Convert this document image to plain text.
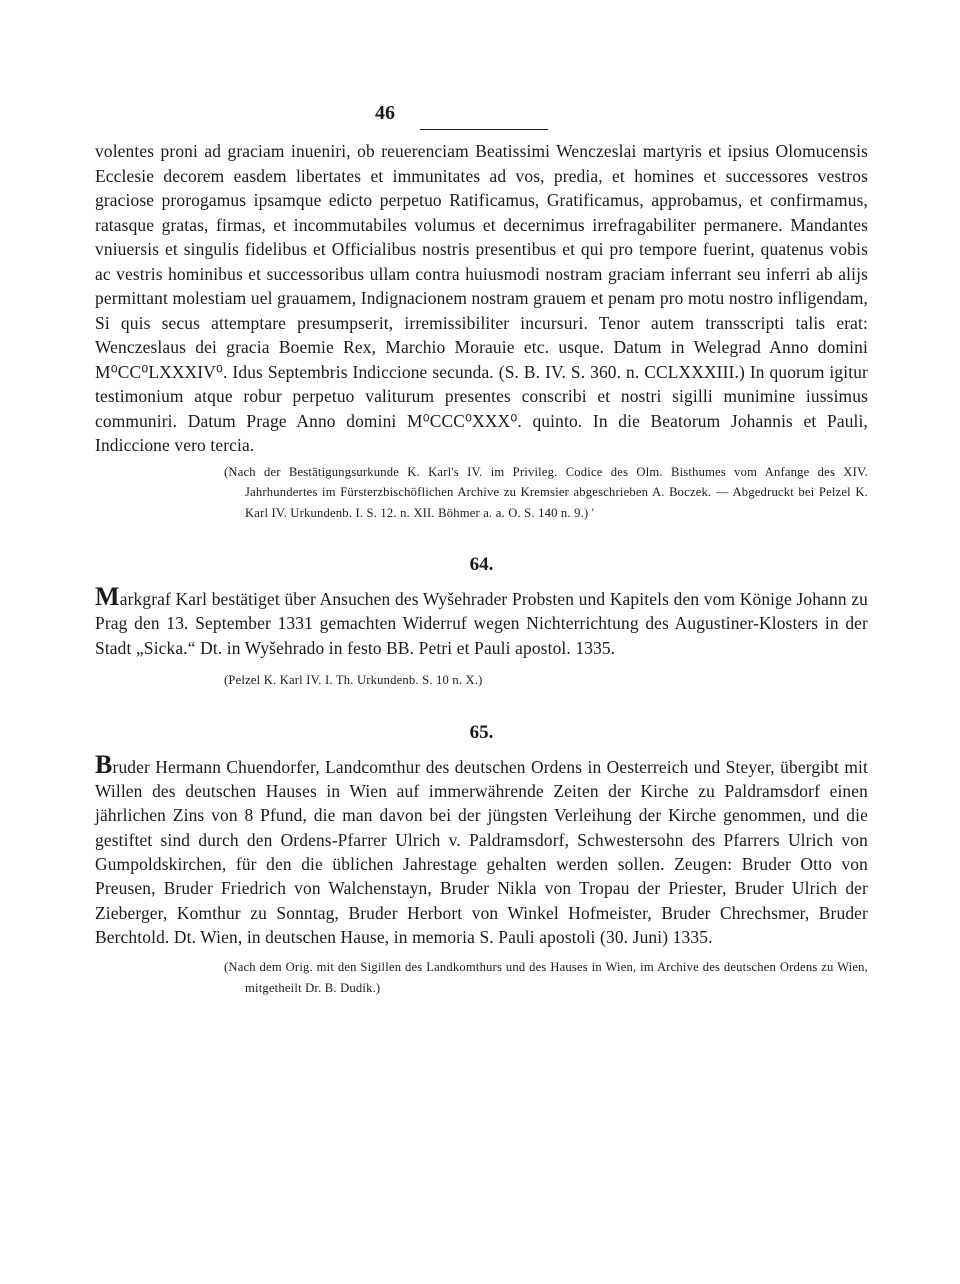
46

volentes proni ad graciam inueniri, ob reuerenciam Beatissimi Wenczeslai martyris et ipsius Olomucensis Ecclesie decorem easdem libertates et immunitates ad vos, predia, et homines et successores vestros graciose prorogamus ipsamque edicto perpetuo Ratificamus, Gratificamus, approbamus, et confirmamus, ratasque gratas, firmas, et incommutabiles volumus et decernimus irrefragabiliter permanere. Mandantes vniuersis et singulis fidelibus et Officialibus nostris presentibus et qui pro tempore fuerint, quatenus vobis ac vestris hominibus et successoribus ullam contra huiusmodi nostram graciam inferrant seu inferri ab alijs permittant molestiam uel grauamem, Indignacionem nostram grauem et penam pro motu nostro infligendam, Si quis secus attemptare presumpserit, irremissibiliter incursuri. Tenor autem transscripti talis erat: Wenczeslaus dei gracia Boemie Rex, Marchio Morauie etc. usque. Datum in Welegrad Anno domini M⁰CC⁰LXXXIV⁰. Idus Septembris Indiccione secunda. (S. B. IV. S. 360. n. CCLXXXIII.) In quorum igitur testimonium atque robur perpetuo valiturum presentes conscribi et nostri sigilli munimine iussimus communiri. Datum Prage Anno domini M⁰CCC⁰XXX⁰. quinto. In die Beatorum Johannis et Pauli, Indiccione vero tercia.

(Nach der Bestätigungsurkunde K. Karl's IV. im Privileg. Codice des Olm. Bisthumes vom Anfange des XIV. Jahrhundertes im Fürsterzbischöflichen Archive zu Kremsier abgeschrieben A. Boczek. — Abgedruckt bei Pelzel K. Karl IV. Urkundenb. I. S. 12. n. XII. Böhmer a. a. O. S. 140 n. 9.) '

64.

Markgraf Karl bestätiget über Ansuchen des Wyšehrader Probsten und Kapitels den vom Könige Johann zu Prag den 13. September 1331 gemachten Widerruf wegen Nichterrichtung des Augustiner-Klosters in der Stadt „Sicka.“ Dt. in Wyšehrado in festo BB. Petri et Pauli apostol. 1335.

(Pelzel K. Karl IV. I. Th. Urkundenb. S. 10 n. X.)

65.

Bruder Hermann Chuendorfer, Landcomthur des deutschen Ordens in Oesterreich und Steyer, übergibt mit Willen des deutschen Hauses in Wien auf immerwährende Zeiten der Kirche zu Paldramsdorf einen jährlichen Zins von 8 Pfund, die man davon bei der jüngsten Verleihung der Kirche genommen, und die gestiftet sind durch den Ordens-Pfarrer Ulrich v. Paldramsdorf, Schwestersohn des Pfarrers Ulrich von Gumpoldskirchen, für den die üblichen Jahrestage gehalten werden sollen. Zeugen: Bruder Otto von Preusen, Bruder Friedrich von Walchenstayn, Bruder Nikla von Tropau der Priester, Bruder Ulrich der Zieberger, Komthur zu Sonntag, Bruder Herbort von Winkel Hofmeister, Bruder Chrechsmer, Bruder Berchtold. Dt. Wien, in deutschen Hause, in memoria S. Pauli apostoli (30. Juni) 1335.

(Nach dem Orig. mit den Sigillen des Landkomthurs und des Hauses in Wien, im Archive des deutschen Ordens zu Wien, mitgetheilt Dr. B. Dudík.)
